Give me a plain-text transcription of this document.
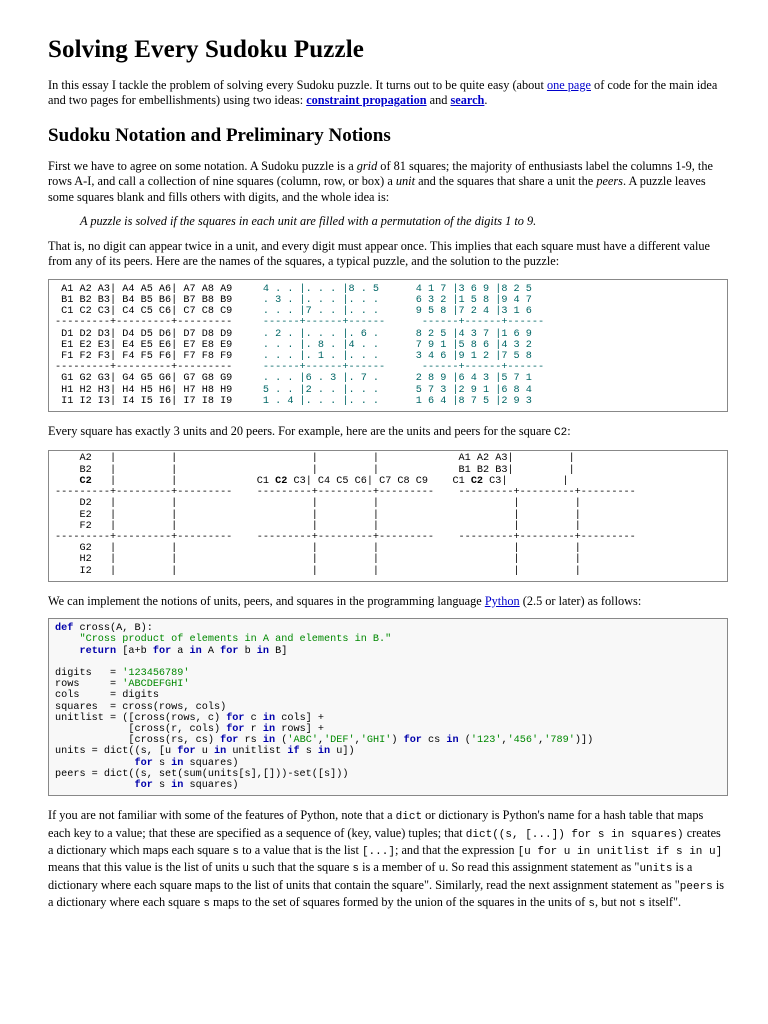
Solving Every Sudoku Puzzle

In this essay I tackle the problem of solving every Sudoku puzzle. It turns out to be quite easy (about one page of code for the main idea and two pages for embellishments) using two ideas: constraint propagation and search.

Sudoku Notation and Preliminary Notions

First we have to agree on some notation. A Sudoku puzzle is a grid of 81 squares; the majority of enthusiasts label the columns 1-9, the rows A-I, and call a collection of nine squares (column, row, or box) a unit and the squares that share a unit the peers. A puzzle leaves some squares blank and fills others with digits, and the whole idea is:

A puzzle is solved if the squares in each unit are filled with a permutation of the digits 1 to 9.

That is, no digit can appear twice in a unit, and every digit must appear once. This implies that each square must have a different value from any of its peers. Here are the names of the squares, a typical puzzle, and the solution to the puzzle:

A1 A2 A3| A4 A5 A6| A7 A8 A9	4 . . |. . . |8 . 5	4 1 7 |3 6 9 |8 2 5
B1 B2 B3| B4 B5 B6| B7 B8 B9	. 3 . |. . . |. . .	6 3 2 |1 5 8 |9 4 7
C1 C2 C3| C4 C5 C6| C7 C8 C9	. . . |7 . . |. . .	9 5 8 |7 2 4 |3 1 6
---------+---------+---------	------+------+------	------+------+------
D1 D2 D3| D4 D5 D6| D7 D8 D9	. 2 . |. . . |. 6 .	8 2 5 |4 3 7 |1 6 9
E1 E2 E3| E4 E5 E6| E7 E8 E9	. . . |. 8 . |4 . .	7 9 1 |5 8 6 |4 3 2
F1 F2 F3| F4 F5 F6| F7 F8 F9	. . . |. 1 . |. . .	3 4 6 |9 1 2 |7 5 8
---------+---------+---------	------+------+------	------+------+------
G1 G2 G3| G4 G5 G6| G7 G8 G9	. . . |6 . 3 |. 7 .	2 8 9 |6 4 3 |5 7 1
H1 H2 H3| H4 H5 H6| H7 H8 H9	5 . . |2 . . |. . .	5 7 3 |2 9 1 |6 8 4
I1 I2 I3| I4 I5 I6| I7 I8 I9	1 . 4 |. . . |. . .	1 6 4 |8 7 5 |2 9 3

Every square has exactly 3 units and 20 peers. For example, here are the units and peers for the square C2:

A2   |         |                      |         |             A1 A2 A3|         |
B2   |         |                      |         |             B1 B2 B3|         |
C2   |         |             C1 C2 C3| C4 C5 C6| C7 C8 C9 C1 C2 C3|         |
---------+---------+---------    ---------+---------+---------    ---------+---------+---------
D2   |         |                      |         |                      |         |
E2   |         |                      |         |                      |         |
F2   |         |                      |         |                      |         |
---------+---------+---------    ---------+---------+---------    ---------+---------+---------
G2   |         |                      |         |                      |         |
H2   |         |                      |         |                      |         |
I2   |         |                      |         |                      |         |

We can implement the notions of units, peers, and squares in the programming language Python (2.5 or later) as follows:

def cross(A, B):
"Cross product of elements in A and elements in B."
return [a+b for a in A for b in B]

digits   = '123456789'
rows     = 'ABCDEFGHI'
cols     = digits
squares  = cross(rows, cols)
unitlist = ([cross(rows, c) for c in cols] +
[cross(r, cols) for r in rows] +
[cross(rs, cs) for rs in ('ABC','DEF','GHI') for cs in ('123','456','789')])
units = dict((s, [u for u in unitlist if s in u])
for s in squares)
peers = dict((s, set(sum(units[s],[]))-set([s]))
for s in squares)

If you are not familiar with some of the features of Python, note that a dict or dictionary is Python's name for a hash table that maps each key to a value; that these are specified as a sequence of (key, value) tuples; that dict((s, [...]) for s in squares) creates a dictionary which maps each square s to a value that is the list [...]; and that the expression [u for u in unitlist if s in u] means that this value is the list of units u such that the square s is a member of u. So read this assignment statement as "units is a dictionary where each square maps to the list of units that contain the square". Similarly, read the next assignment statement as "peers is a dictionary where each square s maps to the set of squares formed by the union of the squares in the units of s, but not s itself".
